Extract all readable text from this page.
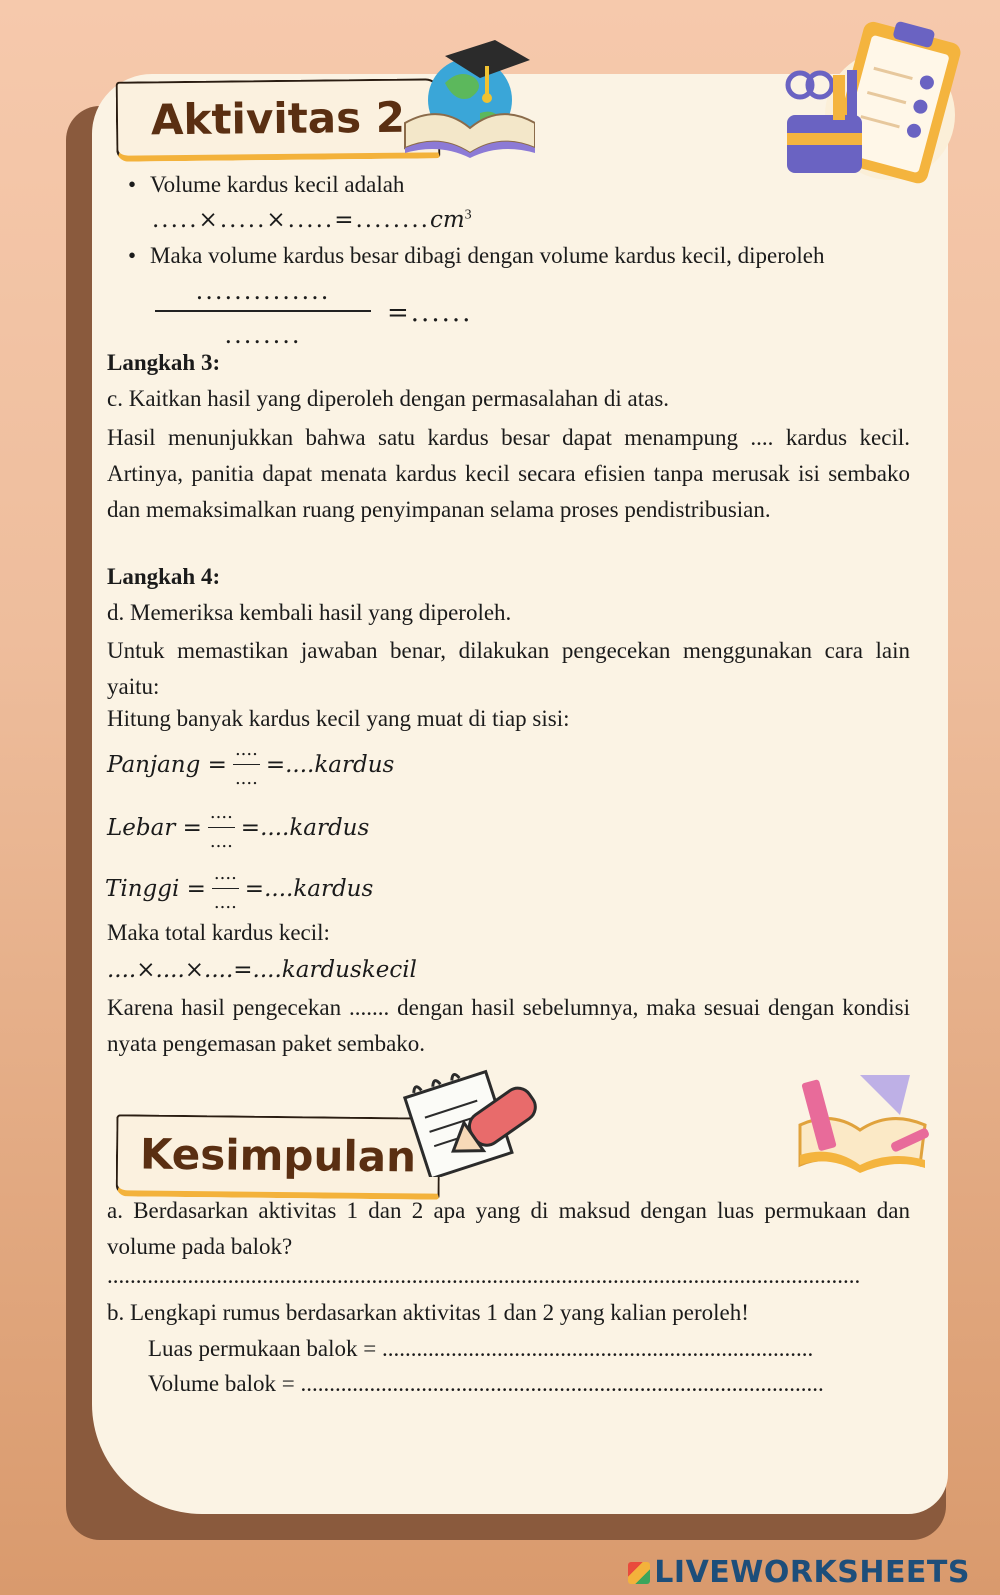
Aktivitas 2
• Volume kardus kecil adalah
$.....\times.....\times.....=........cm^3$
• Maka volume kardus besar dibagi dengan volume kardus kecil, diperoleh
..............
........
=......
Langkah 3:
c. Kaitkan hasil yang diperoleh dengan permasalahan di atas.
Hasil menunjukkan bahwa satu kardus besar dapat menampung .... kardus kecil. Artinya, panitia dapat menata kardus kecil secara efisien tanpa merusak isi sembako dan memaksimalkan ruang penyimpanan selama proses pendistribusian.
Langkah 4:
d. Memeriksa kembali hasil yang diperoleh.
Untuk memastikan jawaban benar, dilakukan pengecekan menggunakan cara lain yaitu:
Hitung banyak kardus kecil yang muat di tiap sisi:
Panjang = $\frac{....}{....}$ =....kardus
Lebar = $\frac{....}{....}$ =....kardus
Tinggi = $\frac{....}{....}$ =....kardus
Maka total kardus kecil:
....×....×....=....karduskecil
Karena hasil pengecekan ....... dengan hasil sebelumnya, maka sesuai dengan kondisi nyata pengemasan paket sembako.
Kesimpulan
a. Berdasarkan aktivitas 1 dan 2 apa yang di maksud dengan luas permukaan dan volume pada balok?
...................................................................................................................................
b. Lengkapi rumus berdasarkan aktivitas 1 dan 2 yang kalian peroleh!
• Luas permukaan balok = ...........................................................................
• Volume balok = ...........................................................................................
LIVEWORKSHEETS
